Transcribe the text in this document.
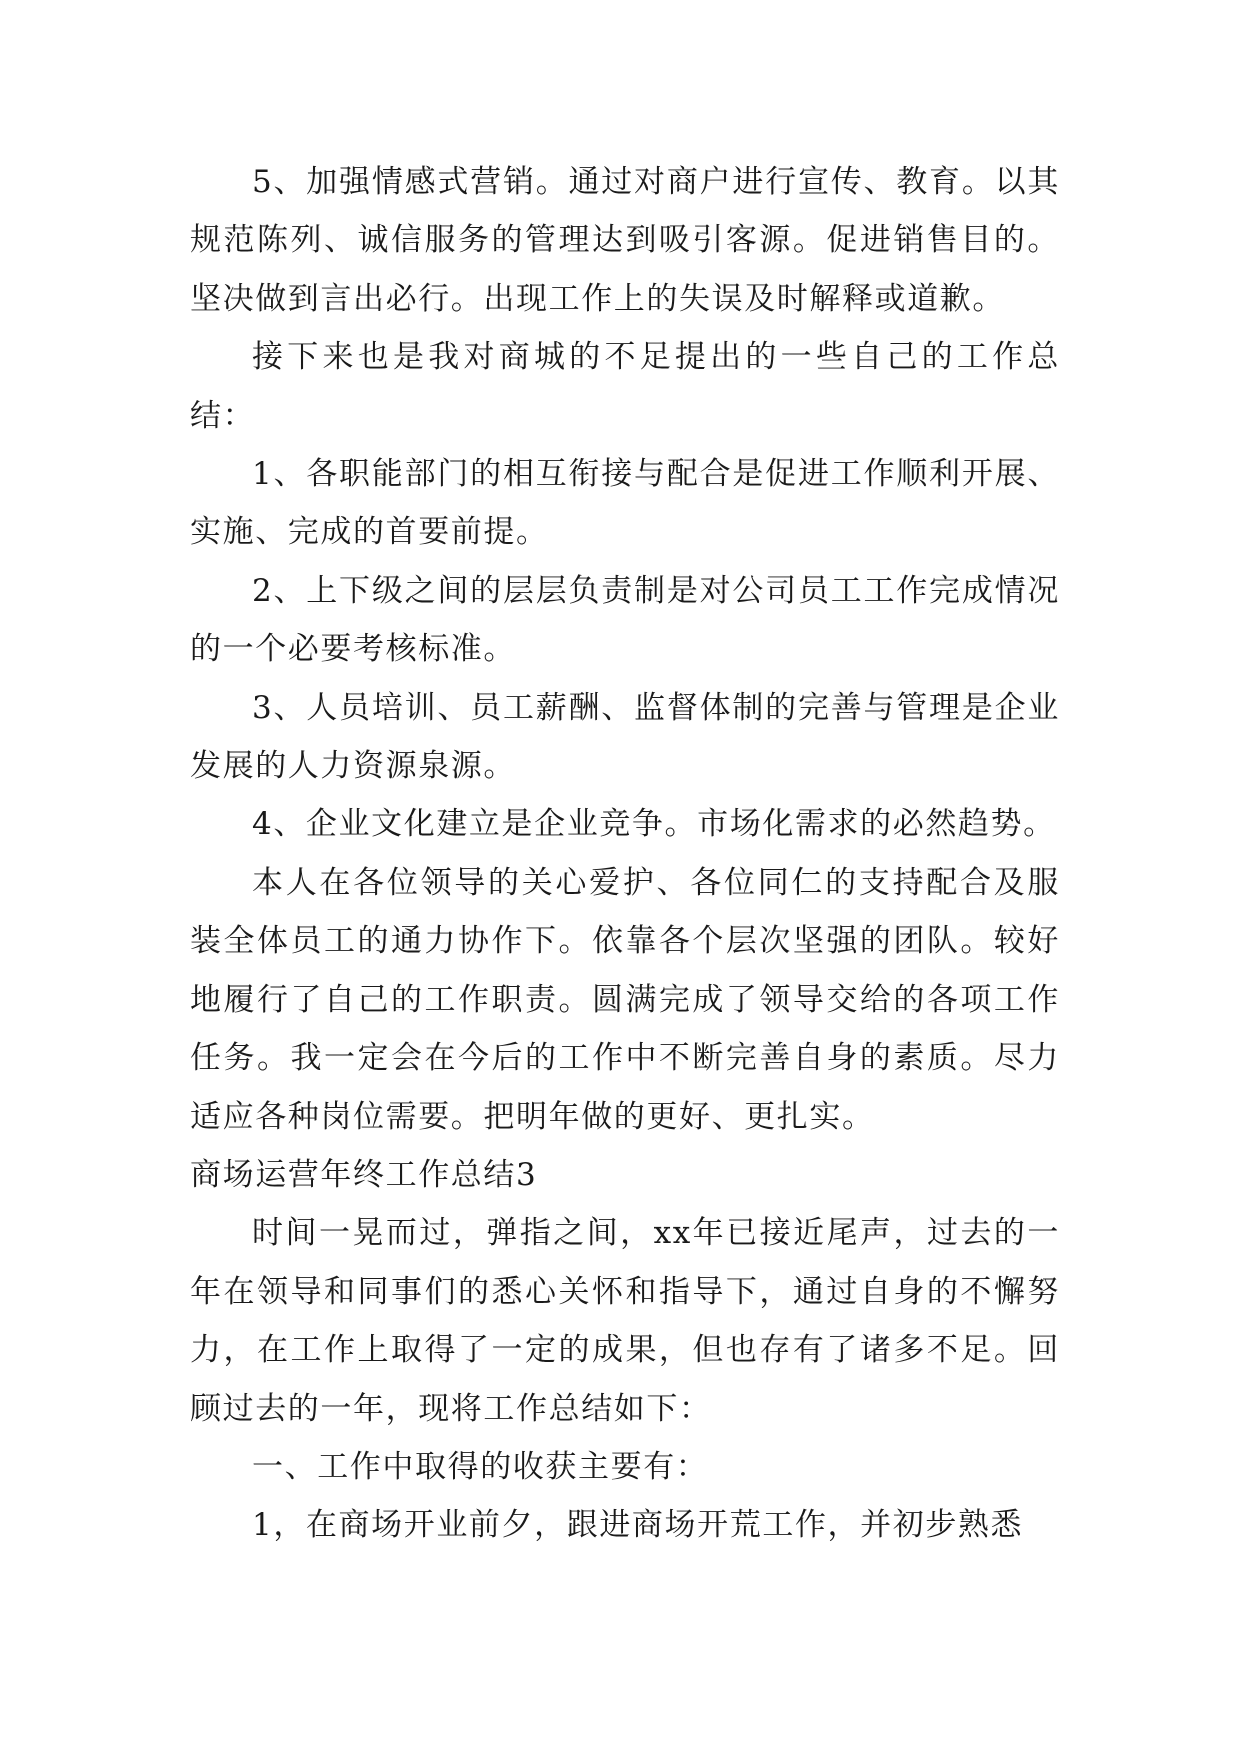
5、加强情感式营销。通过对商户进行宣传、教育。以其规范陈列、诚信服务的管理达到吸引客源。促进销售目的。坚决做到言出必行。出现工作上的失误及时解释或道歉。

接下来也是我对商城的不足提出的一些自己的工作总结：

1、各职能部门的相互衔接与配合是促进工作顺利开展、实施、完成的首要前提。

2、上下级之间的层层负责制是对公司员工工作完成情况的一个必要考核标准。

3、人员培训、员工薪酬、监督体制的完善与管理是企业发展的人力资源泉源。

4、企业文化建立是企业竞争。市场化需求的必然趋势。

本人在各位领导的关心爱护、各位同仁的支持配合及服装全体员工的通力协作下。依靠各个层次坚强的团队。较好地履行了自己的工作职责。圆满完成了领导交给的各项工作任务。我一定会在今后的工作中不断完善自身的素质。尽力适应各种岗位需要。把明年做的更好、更扎实。

商场运营年终工作总结3

时间一晃而过，弹指之间，xx年已接近尾声，过去的一年在领导和同事们的悉心关怀和指导下，通过自身的不懈努力，在工作上取得了一定的成果，但也存有了诸多不足。回顾过去的一年，现将工作总结如下：

一、工作中取得的收获主要有：

1，在商场开业前夕，跟进商场开荒工作，并初步熟悉
